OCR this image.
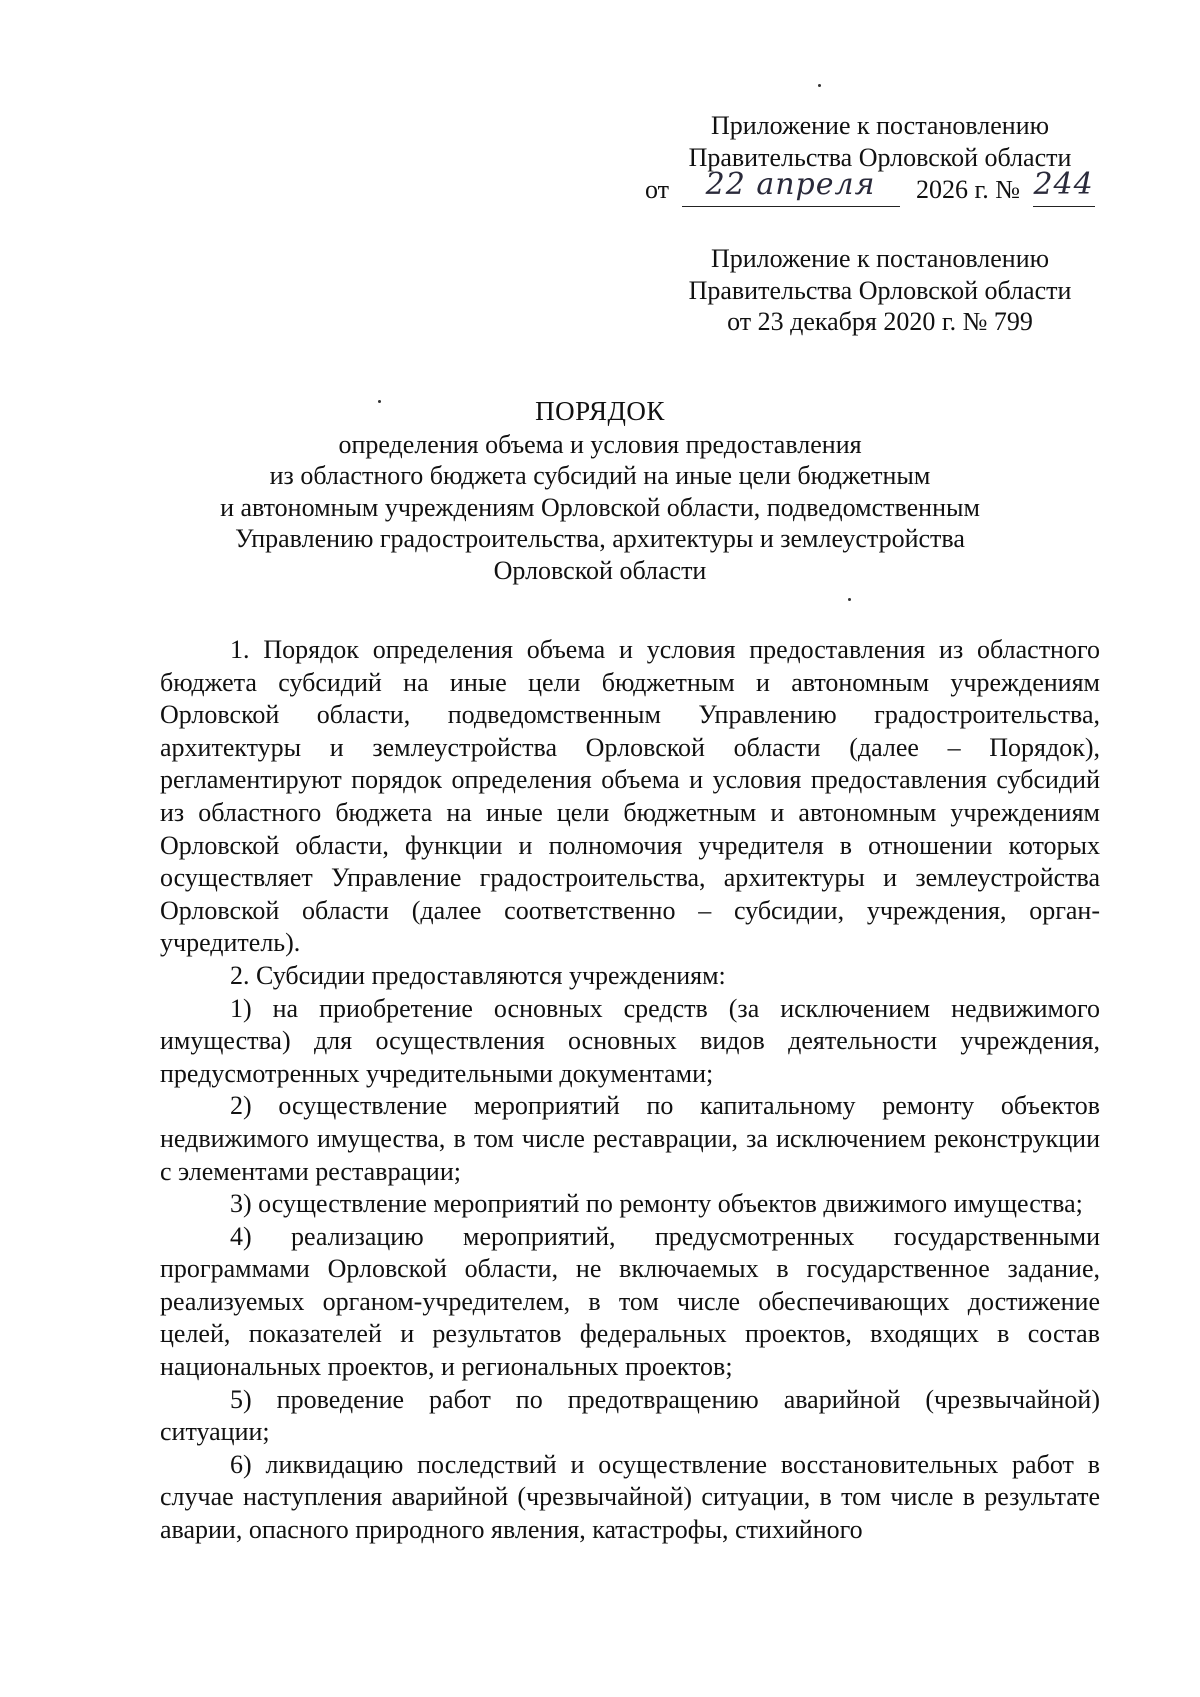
Приложение к постановлению
Правительства Орловской области
от 22 апреля 2026 г. № 244
Приложение к постановлению
Правительства Орловской области
от 23 декабря 2020 г. № 799
ПОРЯДОК
определения объема и условия предоставления
из областного бюджета субсидий на иные цели бюджетным
и автономным учреждениям Орловской области, подведомственным
Управлению градостроительства, архитектуры и землеустройства
Орловской области

1. Порядок определения объема и условия предоставления из областного бюджета субсидий на иные цели бюджетным и автономным учреждениям Орловской области, подведомственным Управлению градостроительства, архитектуры и землеустройства Орловской области (далее – Порядок), регламентируют порядок определения объема и условия предоставления субсидий из областного бюджета на иные цели бюджетным и автономным учреждениям Орловской области, функции и полномочия учредителя в отношении которых осуществляет Управление градостроительства, архитектуры и землеустройства Орловской области (далее соответственно – субсидии, учреждения, орган-учредитель).

2. Субсидии предоставляются учреждениям:

1) на приобретение основных средств (за исключением недвижимого имущества) для осуществления основных видов деятельности учреждения, предусмотренных учредительными документами;

2) осуществление мероприятий по капитальному ремонту объектов недвижимого имущества, в том числе реставрации, за исключением реконструкции с элементами реставрации;

3) осуществление мероприятий по ремонту объектов движимого имущества;

4) реализацию мероприятий, предусмотренных государственными программами Орловской области, не включаемых в государственное задание, реализуемых органом-учредителем, в том числе обеспечивающих достижение целей, показателей и результатов федеральных проектов, входящих в состав национальных проектов, и региональных проектов;

5) проведение работ по предотвращению аварийной (чрезвычайной) ситуации;

6) ликвидацию последствий и осуществление восстановительных работ в случае наступления аварийной (чрезвычайной) ситуации, в том числе в результате аварии, опасного природного явления, катастрофы, стихийного
